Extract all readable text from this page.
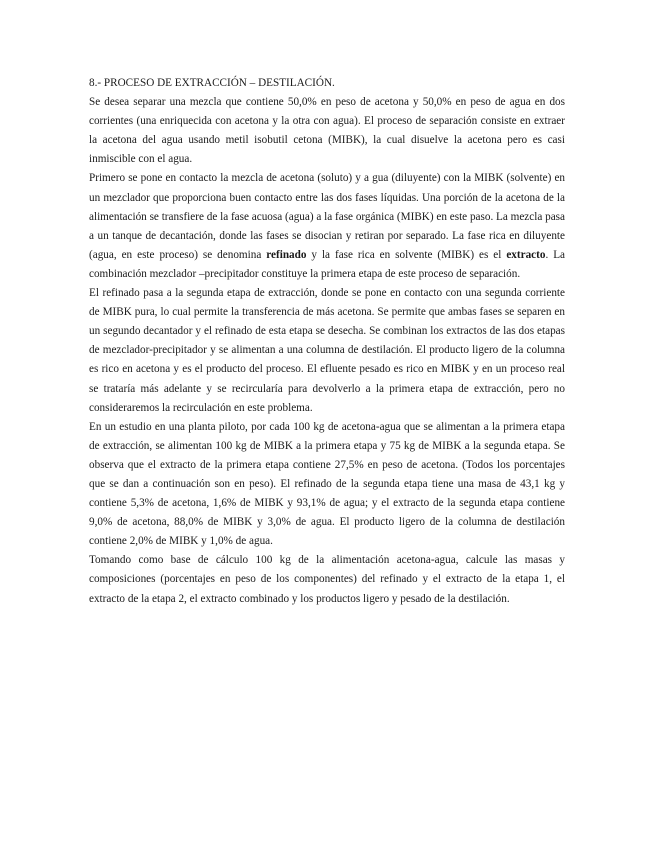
8.- PROCESO DE EXTRACCIÓN – DESTILACIÓN.

Se desea separar una mezcla que contiene 50,0% en peso de acetona y 50,0% en peso de agua en dos corrientes (una enriquecida con acetona y la otra con agua). El proceso de separación consiste en extraer la acetona del agua usando metil isobutil cetona (MIBK), la cual disuelve la acetona pero es casi inmiscible con el agua.

Primero se pone en contacto la mezcla de acetona (soluto) y a gua (diluyente) con la MIBK (solvente) en un mezclador que proporciona buen contacto entre las dos fases líquidas. Una porción de la acetona de la alimentación se transfiere de la fase acuosa (agua) a la fase orgánica (MIBK) en este paso. La mezcla pasa a un tanque de decantación, donde las fases se disocian y retiran por separado. La fase rica en diluyente (agua, en este proceso) se denomina refinado y la fase rica en solvente (MIBK) es el extracto. La combinación mezclador –precipitador constituye la primera etapa de este proceso de separación.

El refinado pasa a la segunda etapa de extracción, donde se pone en contacto con una segunda corriente de MIBK pura, lo cual permite la transferencia de más acetona. Se permite que ambas fases se separen en un segundo decantador y el refinado de esta etapa se desecha. Se combinan los extractos de las dos etapas de mezclador-precipitador y se alimentan a una columna de destilación. El producto ligero de la columna es rico en acetona y es el producto del proceso. El efluente pesado es rico en MIBK y en un proceso real se trataría más adelante y se recircularía para devolverlo a la primera etapa de extracción, pero no consideraremos la recirculación en este problema.

En un estudio en una planta piloto, por cada 100 kg de acetona-agua que se alimentan a la primera etapa de extracción, se alimentan 100 kg de MIBK a la primera etapa y 75 kg de MIBK a la segunda etapa. Se observa que el extracto de la primera etapa contiene 27,5% en peso de acetona. (Todos los porcentajes que se dan a continuación son en peso). El refinado de la segunda etapa tiene una masa de 43,1 kg y contiene 5,3% de acetona, 1,6% de MIBK y 93,1% de agua; y el extracto de la segunda etapa contiene 9,0% de acetona, 88,0% de MIBK y 3,0% de agua. El producto ligero de la columna de destilación contiene 2,0% de MIBK y 1,0% de agua.

Tomando como base de cálculo 100 kg de la alimentación acetona-agua, calcule las masas y composiciones (porcentajes en peso de los componentes) del refinado y el extracto de la etapa 1, el extracto de la etapa 2, el extracto combinado y los productos ligero y pesado de la destilación.
